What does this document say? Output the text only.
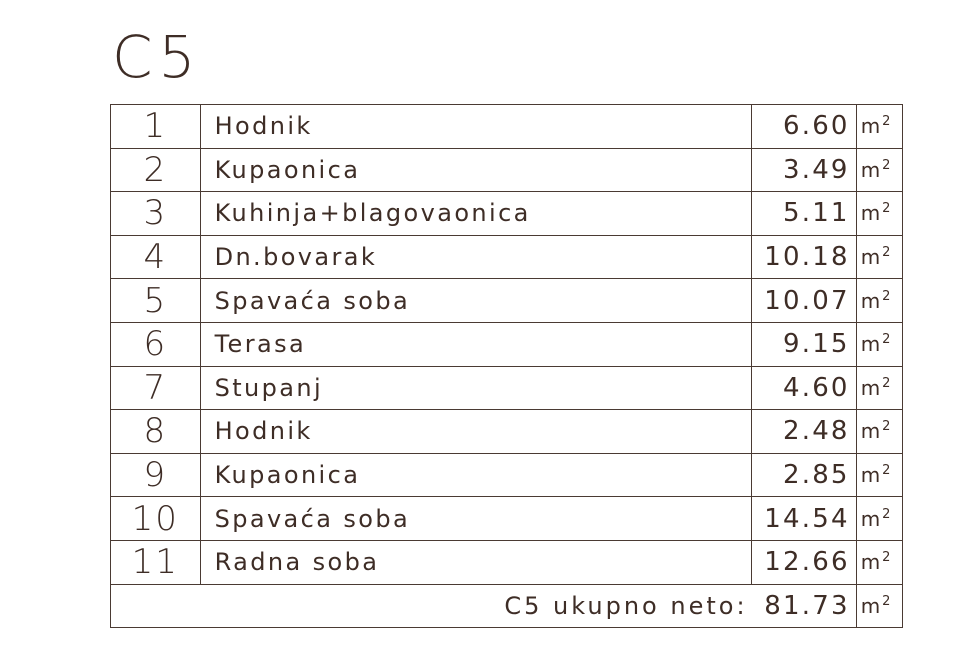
C5
1	Hodnik	6.60	$m^2$
2	Kupaonica	3.49	$m^2$
3	Kuhinja+blagovaonica	5.11	$m^2$
4	Dn.bovarak	10.18	$m^2$
5	Spavaća soba	10.07	$m^2$
6	Terasa	9.15	$m^2$
7	Stupanj	4.60	$m^2$
8	Hodnik	2.48	$m^2$
9	Kupaonica	2.85	$m^2$
10	Spavaća soba	14.54	$m^2$
11	Radna soba	12.66	$m^2$
C5 ukupno neto:		81.73	$m^2$
